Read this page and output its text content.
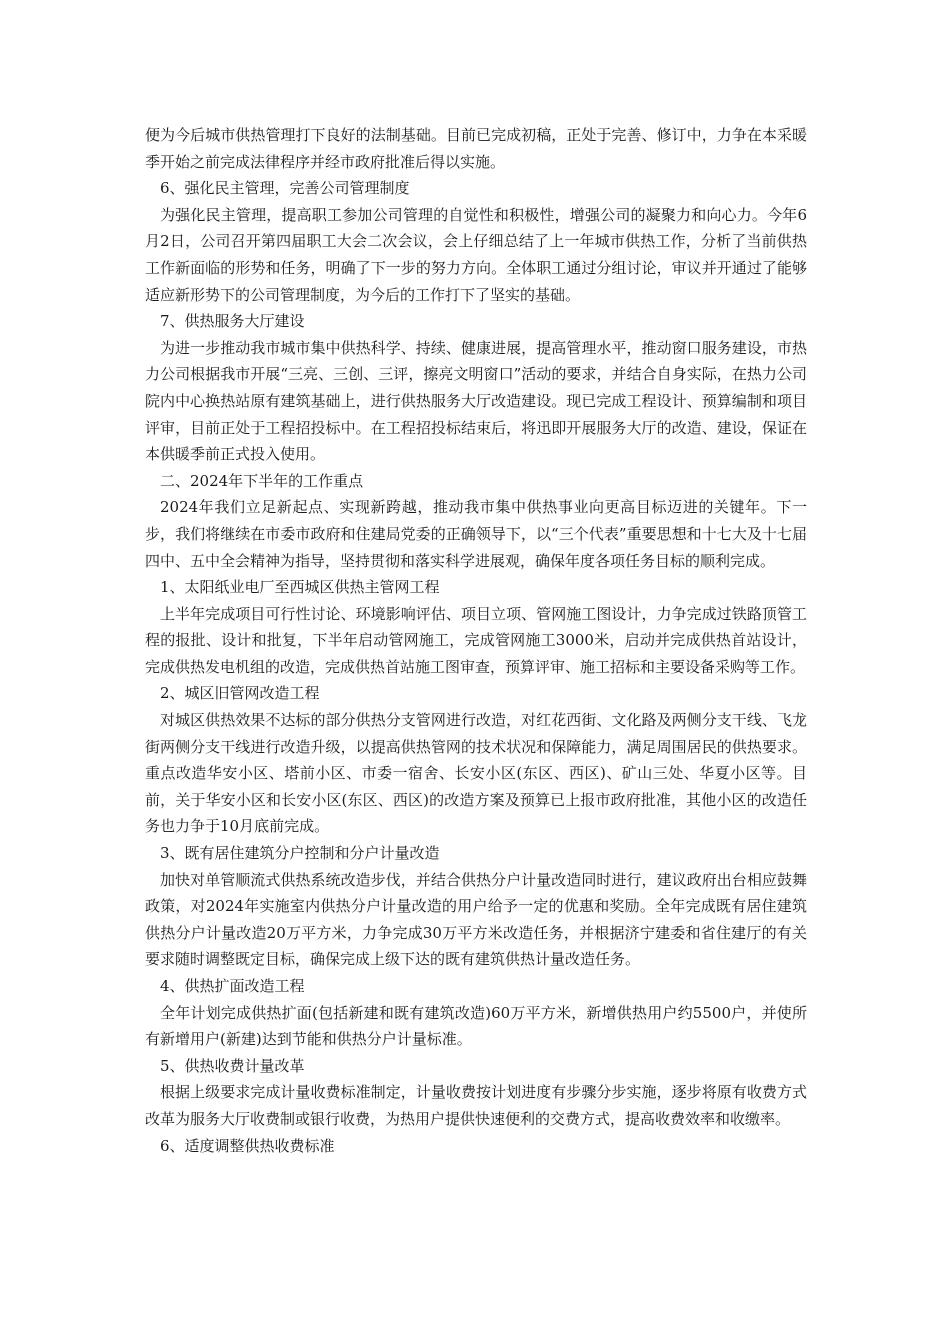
便为今后城市供热管理打下良好的法制基础。目前已完成初稿，正处于完善、修订中，力争在本采暖季开始之前完成法律程序并经市政府批准后得以实施。

6、强化民主管理，完善公司管理制度

为强化民主管理，提高职工参加公司管理的自觉性和积极性，增强公司的凝聚力和向心力。今年6月2日，公司召开第四届职工大会二次会议，会上仔细总结了上一年城市供热工作，分析了当前供热工作新面临的形势和任务，明确了下一步的努力方向。全体职工通过分组讨论，审议并开通过了能够适应新形势下的公司管理制度，为今后的工作打下了坚实的基础。

7、供热服务大厅建设

为进一步推动我市城市集中供热科学、持续、健康进展，提高管理水平，推动窗口服务建设，市热力公司根据我市开展“三亮、三创、三评，擦亮文明窗口”活动的要求，并结合自身实际，在热力公司院内中心换热站原有建筑基础上，进行供热服务大厅改造建设。现已完成工程设计、预算编制和项目评审，目前正处于工程招投标中。在工程招投标结束后，将迅即开展服务大厅的改造、建设，保证在本供暖季前正式投入使用。

二、2024年下半年的工作重点

2024年我们立足新起点、实现新跨越，推动我市集中供热事业向更高目标迈进的关键年。下一步，我们将继续在市委市政府和住建局党委的正确领导下，以“三个代表”重要思想和十七大及十七届四中、五中全会精神为指导，坚持贯彻和落实科学进展观，确保年度各项任务目标的顺利完成。

1、太阳纸业电厂至西城区供热主管网工程

上半年完成项目可行性讨论、环境影响评估、项目立项、管网施工图设计，力争完成过铁路顶管工程的报批、设计和批复，下半年启动管网施工，完成管网施工3000米，启动并完成供热首站设计，完成供热发电机组的改造，完成供热首站施工图审查，预算评审、施工招标和主要设备采购等工作。

2、城区旧管网改造工程

对城区供热效果不达标的部分供热分支管网进行改造，对红花西街、文化路及两侧分支干线、飞龙街两侧分支干线进行改造升级，以提高供热管网的技术状况和保障能力，满足周围居民的供热要求。重点改造华安小区、塔前小区、市委一宿舍、长安小区(东区、西区)、矿山三处、华夏小区等。目前，关于华安小区和长安小区(东区、西区)的改造方案及预算已上报市政府批准，其他小区的改造任务也力争于10月底前完成。

3、既有居住建筑分户控制和分户计量改造

加快对单管顺流式供热系统改造步伐，并结合供热分户计量改造同时进行，建议政府出台相应鼓舞政策，对2024年实施室内供热分户计量改造的用户给予一定的优惠和奖励。全年完成既有居住建筑供热分户计量改造20万平方米，力争完成30万平方米改造任务，并根据济宁建委和省住建厅的有关要求随时调整既定目标，确保完成上级下达的既有建筑供热计量改造任务。

4、供热扩面改造工程

全年计划完成供热扩面(包括新建和既有建筑改造)60万平方米，新增供热用户约5500户，并使所有新增用户(新建)达到节能和供热分户计量标准。

5、供热收费计量改革

根据上级要求完成计量收费标准制定，计量收费按计划进度有步骤分步实施，逐步将原有收费方式改革为服务大厅收费制或银行收费，为热用户提供快速便利的交费方式，提高收费效率和收缴率。

6、适度调整供热收费标准
